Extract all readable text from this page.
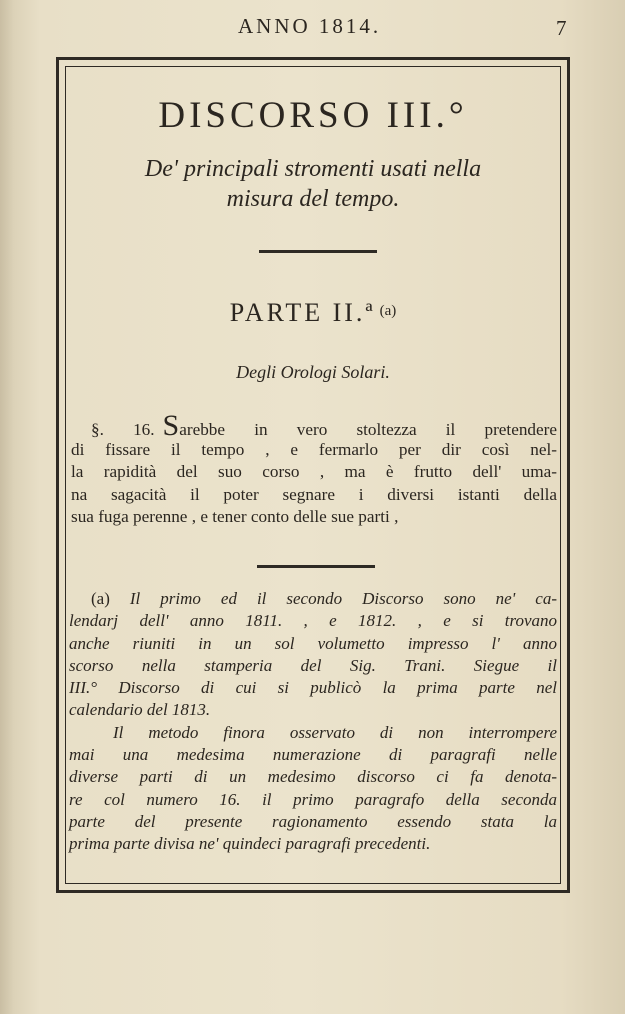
ANNO 1814.	7
DISCORSO III.°
De' principali stromenti usati nella
misura del tempo.
PARTE II.ª $^{(a)}$
Degli Orologi Solari.
§. 16. Sarebbe in vero stoltezza il pretendere
di fissare il tempo , e fermarlo per dir così nel-
la rapidità del suo corso , ma è frutto dell' uma-
na sagacità il poter segnare i diversi istanti della
sua fuga perenne , e tener conto delle sue parti ,
(a) Il primo ed il secondo Discorso sono ne' ca-
lendarj dell' anno 1811. , e 1812. , e si trovano
anche riuniti in un sol volumetto impresso l' anno
scorso nella stamperia del Sig. Trani. Siegue il
III.° Discorso di cui si publicò la prima parte nel
calendario del 1813.
Il metodo finora osservato di non interrompere
mai una medesima numerazione di paragrafi nelle
diverse parti di un medesimo discorso ci fa denota-
re col numero 16. il primo paragrafo della seconda
parte del presente ragionamento essendo stata la
prima parte divisa ne' quindeci paragrafi precedenti.
